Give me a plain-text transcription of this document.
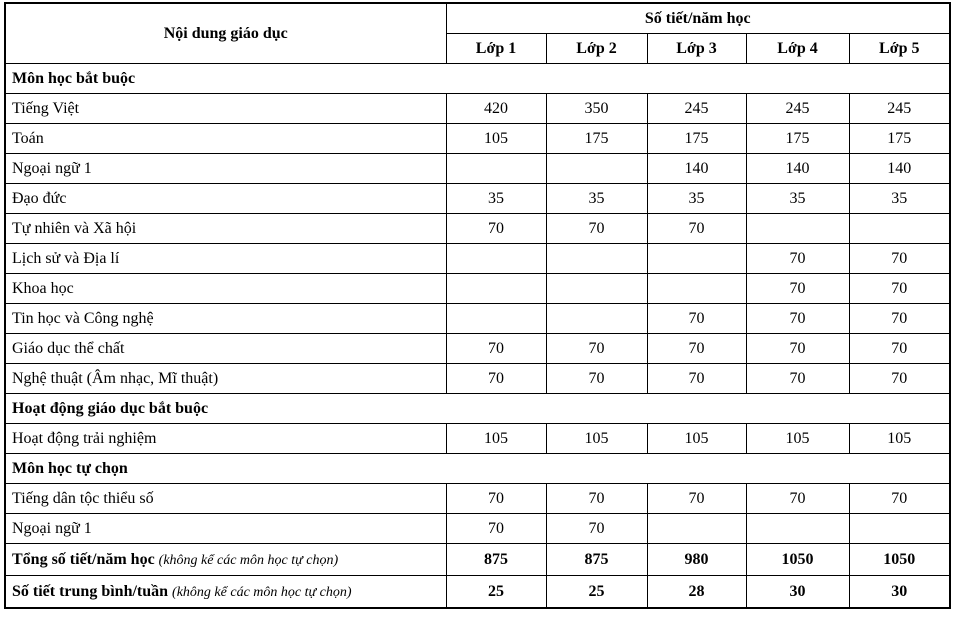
Nội dung giáo dục	Số tiết/năm học				
	Lớp 1	Lớp 2	Lớp 3	Lớp 4	Lớp 5
Môn học bắt buộc					
Tiếng Việt	420	350	245	245	245
Toán	105	175	175	175	175
Ngoại ngữ 1			140	140	140
Đạo đức	35	35	35	35	35
Tự nhiên và Xã hội	70	70	70		
Lịch sử và Địa lí				70	70
Khoa học				70	70
Tin học và Công nghệ			70	70	70
Giáo dục thể chất	70	70	70	70	70
Nghệ thuật (Âm nhạc, Mĩ thuật)	70	70	70	70	70
Hoạt động giáo dục bắt buộc					
Hoạt động trải nghiệm	105	105	105	105	105
Môn học tự chọn					
Tiếng dân tộc thiểu số	70	70	70	70	70
Ngoại ngữ 1	70	70			
Tổng số tiết/năm học (không kể các môn học tự chọn)	875	875	980	1050	1050
Số tiết trung bình/tuần (không kể các môn học tự chọn)	25	25	28	30	30
